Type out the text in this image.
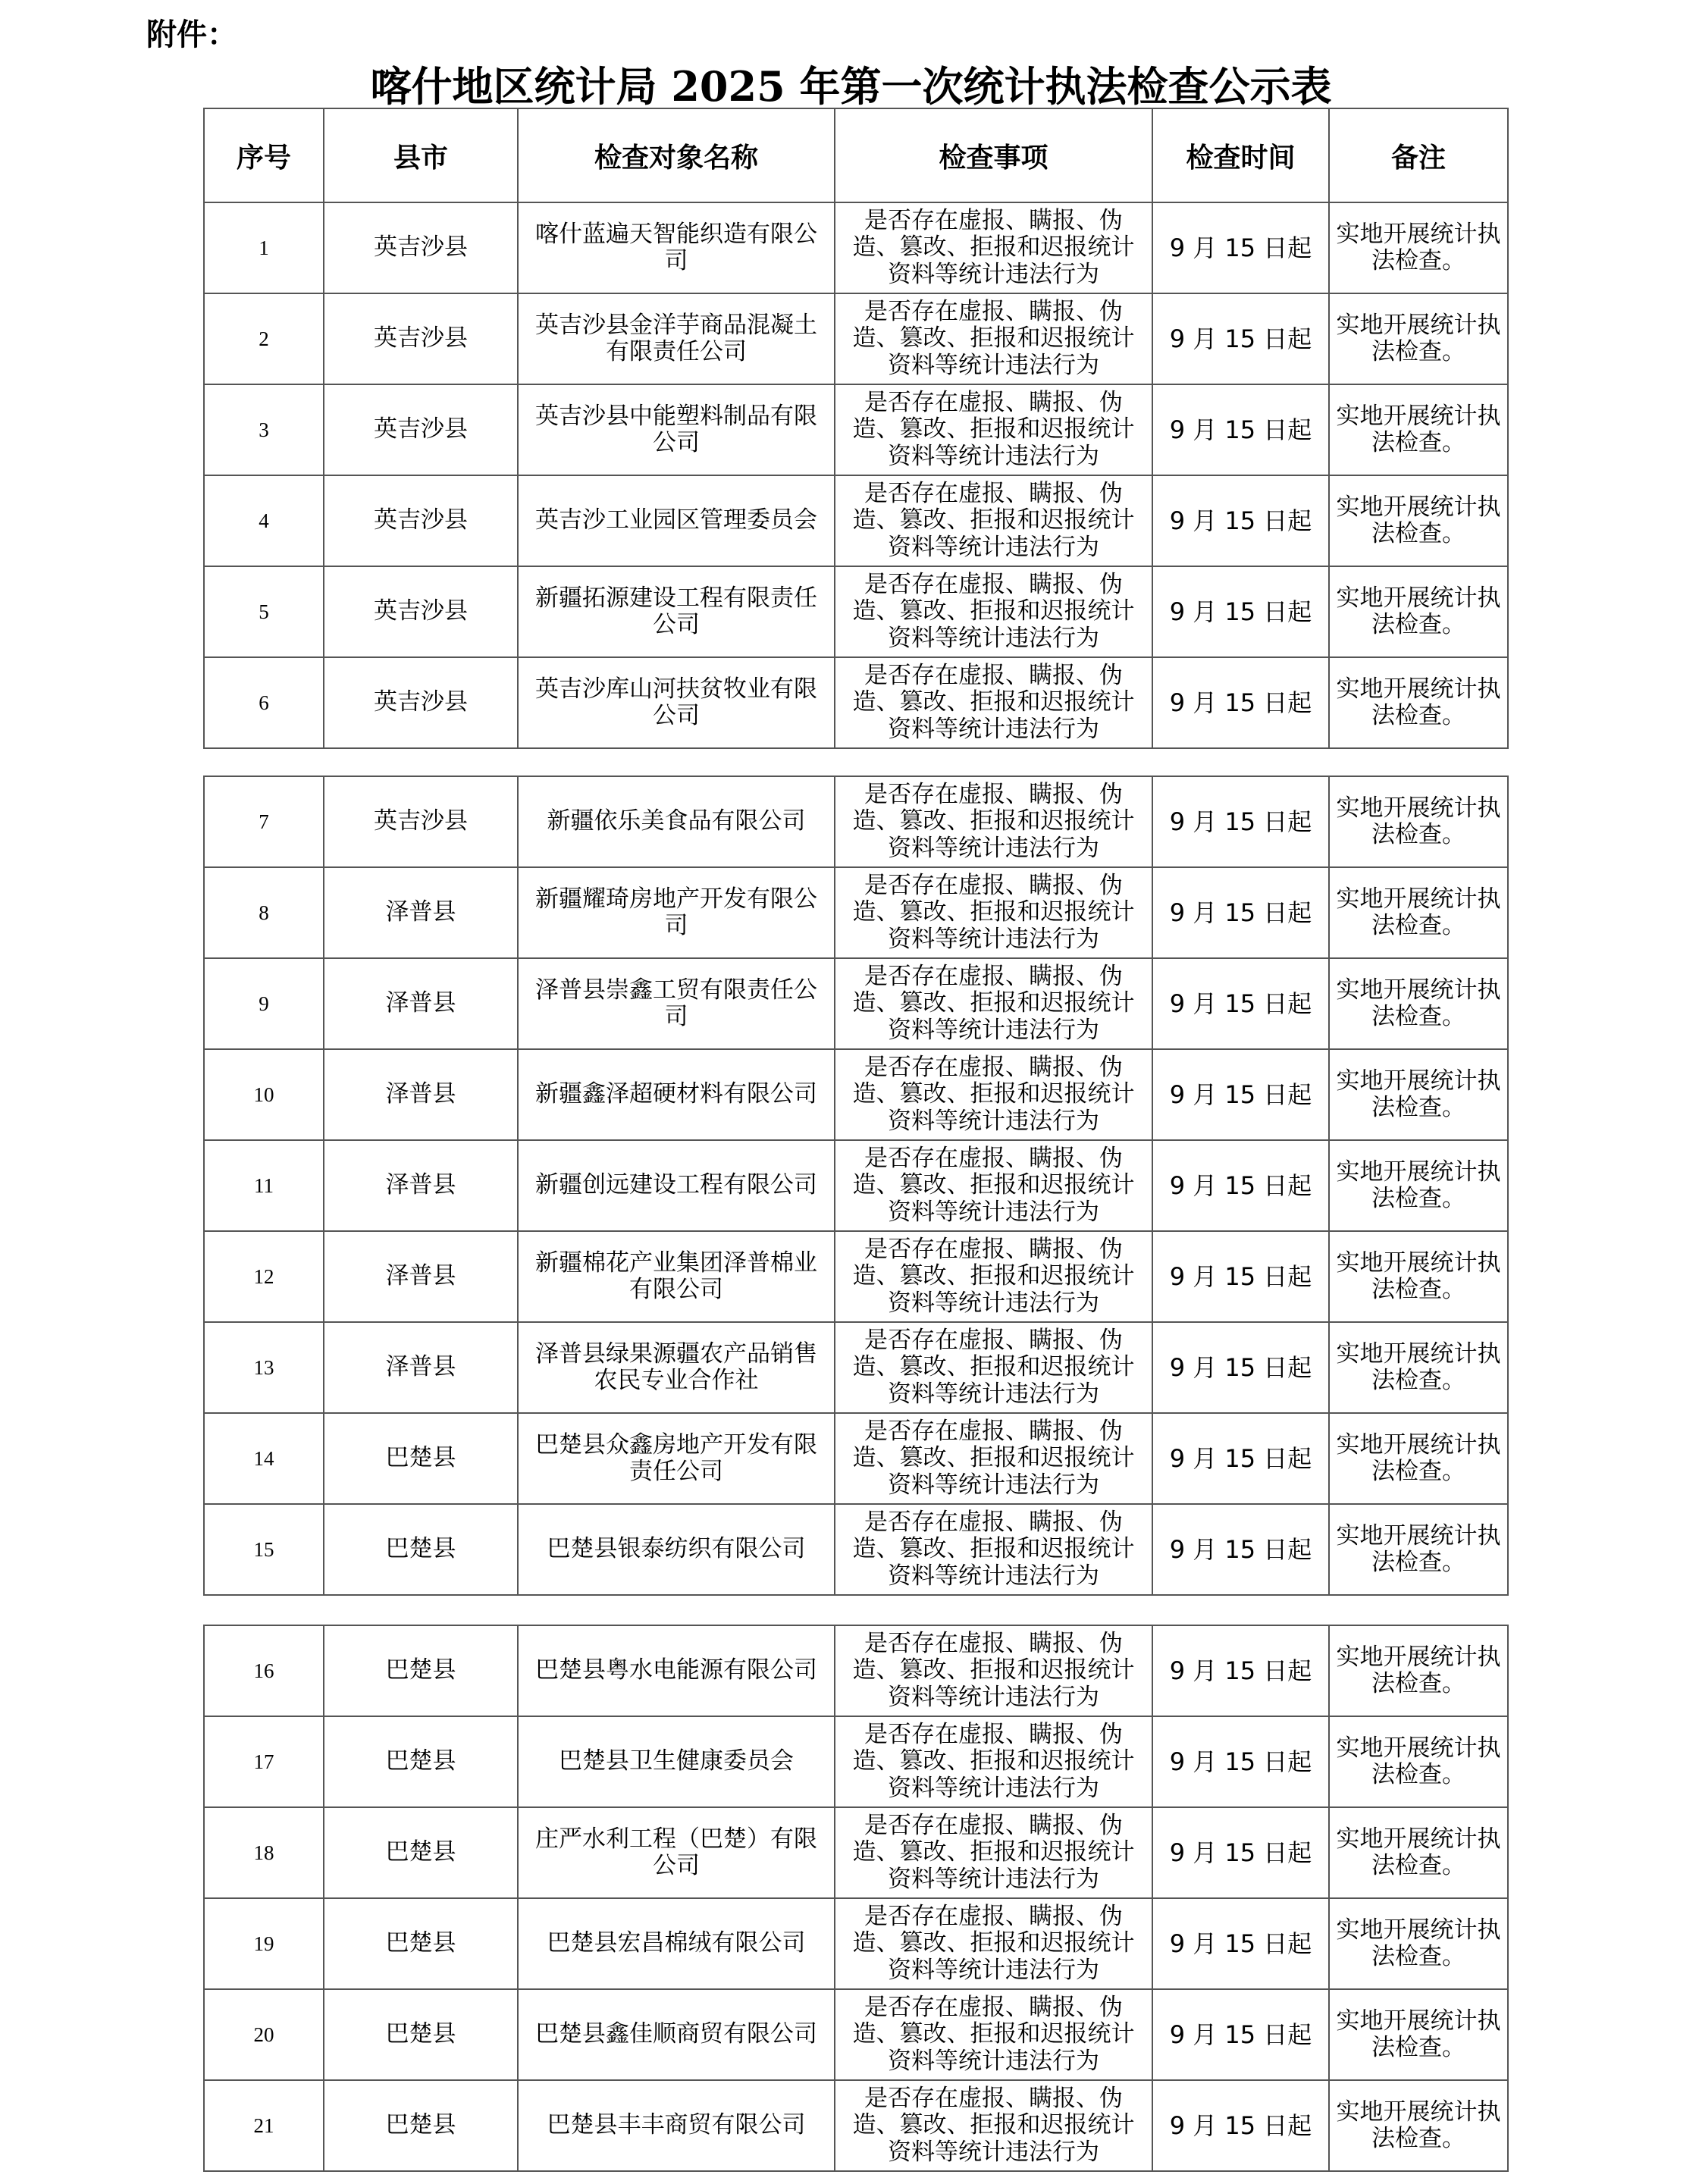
附件：
喀什地区统计局 2025 年第一次统计执法检查公示表
序号	县市	检查对象名称	检查事项	检查时间	备注
1	英吉沙县	喀什蓝遍天智能织造有限公司	是否存在虚报、瞒报、伪造、篡改、拒报和迟报统计资料等统计违法行为	9 月 15 日起	实地开展统计执法检查。
2	英吉沙县	英吉沙县金洋芋商品混凝土有限责任公司	是否存在虚报、瞒报、伪造、篡改、拒报和迟报统计资料等统计违法行为	9 月 15 日起	实地开展统计执法检查。
3	英吉沙县	英吉沙县中能塑料制品有限公司	是否存在虚报、瞒报、伪造、篡改、拒报和迟报统计资料等统计违法行为	9 月 15 日起	实地开展统计执法检查。
4	英吉沙县	英吉沙工业园区管理委员会	是否存在虚报、瞒报、伪造、篡改、拒报和迟报统计资料等统计违法行为	9 月 15 日起	实地开展统计执法检查。
5	英吉沙县	新疆拓源建设工程有限责任公司	是否存在虚报、瞒报、伪造、篡改、拒报和迟报统计资料等统计违法行为	9 月 15 日起	实地开展统计执法检查。
6	英吉沙县	英吉沙库山河扶贫牧业有限公司	是否存在虚报、瞒报、伪造、篡改、拒报和迟报统计资料等统计违法行为	9 月 15 日起	实地开展统计执法检查。
7	英吉沙县	新疆依乐美食品有限公司	是否存在虚报、瞒报、伪造、篡改、拒报和迟报统计资料等统计违法行为	9 月 15 日起	实地开展统计执法检查。
8	泽普县	新疆耀琦房地产开发有限公司	是否存在虚报、瞒报、伪造、篡改、拒报和迟报统计资料等统计违法行为	9 月 15 日起	实地开展统计执法检查。
9	泽普县	泽普县崇鑫工贸有限责任公司	是否存在虚报、瞒报、伪造、篡改、拒报和迟报统计资料等统计违法行为	9 月 15 日起	实地开展统计执法检查。
10	泽普县	新疆鑫泽超硬材料有限公司	是否存在虚报、瞒报、伪造、篡改、拒报和迟报统计资料等统计违法行为	9 月 15 日起	实地开展统计执法检查。
11	泽普县	新疆创远建设工程有限公司	是否存在虚报、瞒报、伪造、篡改、拒报和迟报统计资料等统计违法行为	9 月 15 日起	实地开展统计执法检查。
12	泽普县	新疆棉花产业集团泽普棉业有限公司	是否存在虚报、瞒报、伪造、篡改、拒报和迟报统计资料等统计违法行为	9 月 15 日起	实地开展统计执法检查。
13	泽普县	泽普县绿果源疆农产品销售农民专业合作社	是否存在虚报、瞒报、伪造、篡改、拒报和迟报统计资料等统计违法行为	9 月 15 日起	实地开展统计执法检查。
14	巴楚县	巴楚县众鑫房地产开发有限责任公司	是否存在虚报、瞒报、伪造、篡改、拒报和迟报统计资料等统计违法行为	9 月 15 日起	实地开展统计执法检查。
15	巴楚县	巴楚县银泰纺织有限公司	是否存在虚报、瞒报、伪造、篡改、拒报和迟报统计资料等统计违法行为	9 月 15 日起	实地开展统计执法检查。
16	巴楚县	巴楚县粤水电能源有限公司	是否存在虚报、瞒报、伪造、篡改、拒报和迟报统计资料等统计违法行为	9 月 15 日起	实地开展统计执法检查。
17	巴楚县	巴楚县卫生健康委员会	是否存在虚报、瞒报、伪造、篡改、拒报和迟报统计资料等统计违法行为	9 月 15 日起	实地开展统计执法检查。
18	巴楚县	庄严水利工程（巴楚）有限公司	是否存在虚报、瞒报、伪造、篡改、拒报和迟报统计资料等统计违法行为	9 月 15 日起	实地开展统计执法检查。
19	巴楚县	巴楚县宏昌棉绒有限公司	是否存在虚报、瞒报、伪造、篡改、拒报和迟报统计资料等统计违法行为	9 月 15 日起	实地开展统计执法检查。
20	巴楚县	巴楚县鑫佳顺商贸有限公司	是否存在虚报、瞒报、伪造、篡改、拒报和迟报统计资料等统计违法行为	9 月 15 日起	实地开展统计执法检查。
21	巴楚县	巴楚县丰丰商贸有限公司	是否存在虚报、瞒报、伪造、篡改、拒报和迟报统计资料等统计违法行为	9 月 15 日起	实地开展统计执法检查。
